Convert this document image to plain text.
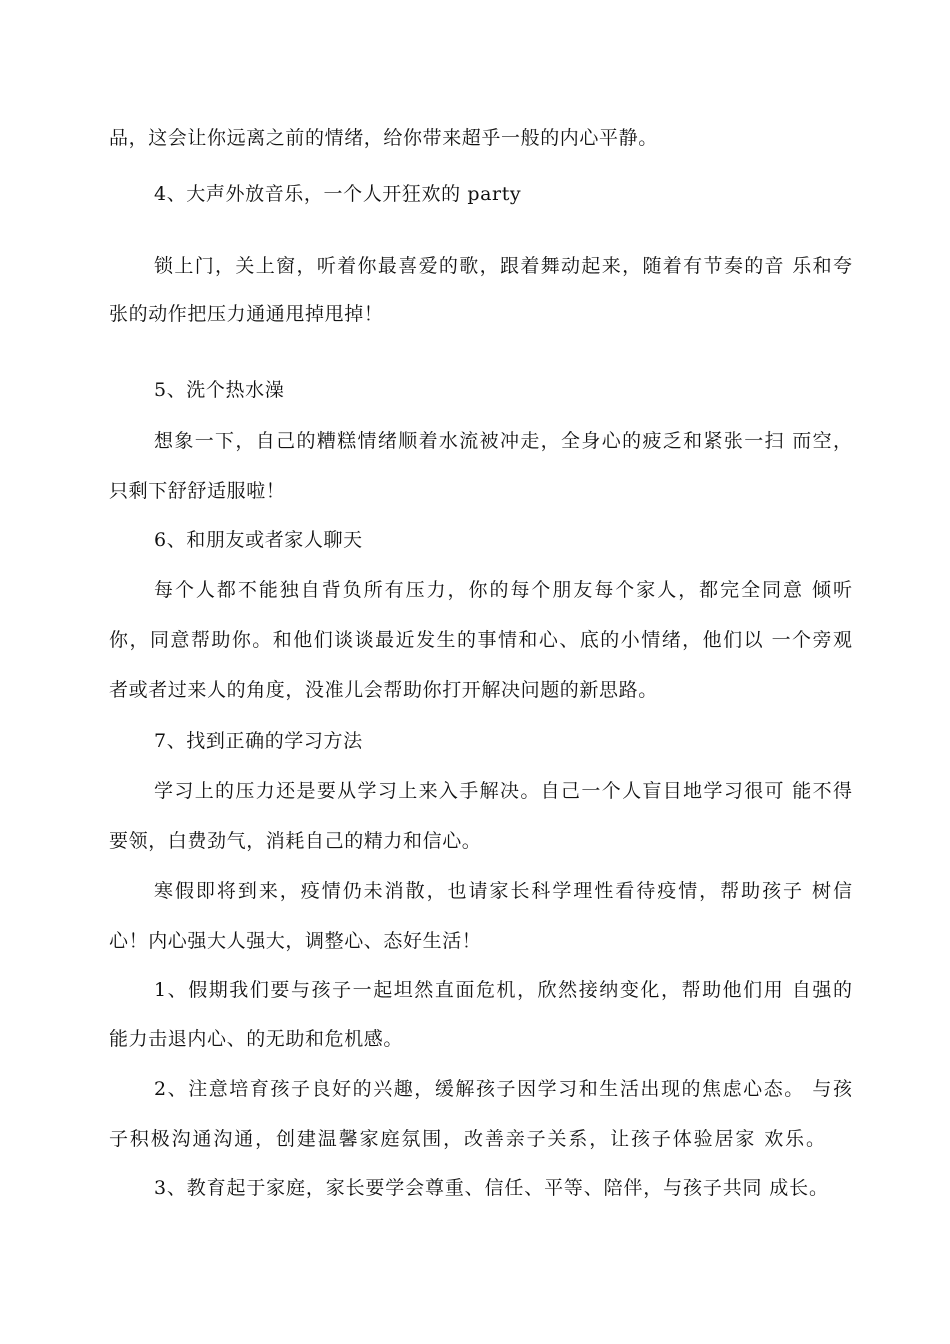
品，这会让你远离之前的情绪，给你带来超乎一般的内心平静。
4、大声外放音乐，一个人开狂欢的 party
锁上门，关上窗，听着你最喜爱的歌，跟着舞动起来，随着有节奏的音 乐和夸
张的动作把压力通通甩掉甩掉！
5、洗个热水澡
想象一下，自己的糟糕情绪顺着水流被冲走，全身心的疲乏和紧张一扫 而空，
只剩下舒舒适服啦！
6、和朋友或者家人聊天
每个人都不能独自背负所有压力，你的每个朋友每个家人，都完全同意 倾听
你，同意帮助你。和他们谈谈最近发生的事情和心、底的小情绪，他们以 一个旁观
者或者过来人的角度，没准儿会帮助你打开解决问题的新思路。
7、找到正确的学习方法
学习上的压力还是要从学习上来入手解决。自己一个人盲目地学习很可 能不得
要领，白费劲气，消耗自己的精力和信心。
寒假即将到来，疫情仍未消散，也请家长科学理性看待疫情，帮助孩子 树信
心！内心强大人强大，调整心、态好生活！
1、假期我们要与孩子一起坦然直面危机，欣然接纳变化，帮助他们用 自强的
能力击退内心、的无助和危机感。
2、注意培育孩子良好的兴趣，缓解孩子因学习和生活出现的焦虑心态。 与孩
子积极沟通沟通，创建温馨家庭氛围，改善亲子关系，让孩子体验居家 欢乐。
3、教育起于家庭，家长要学会尊重、信任、平等、陪伴，与孩子共同 成长。
